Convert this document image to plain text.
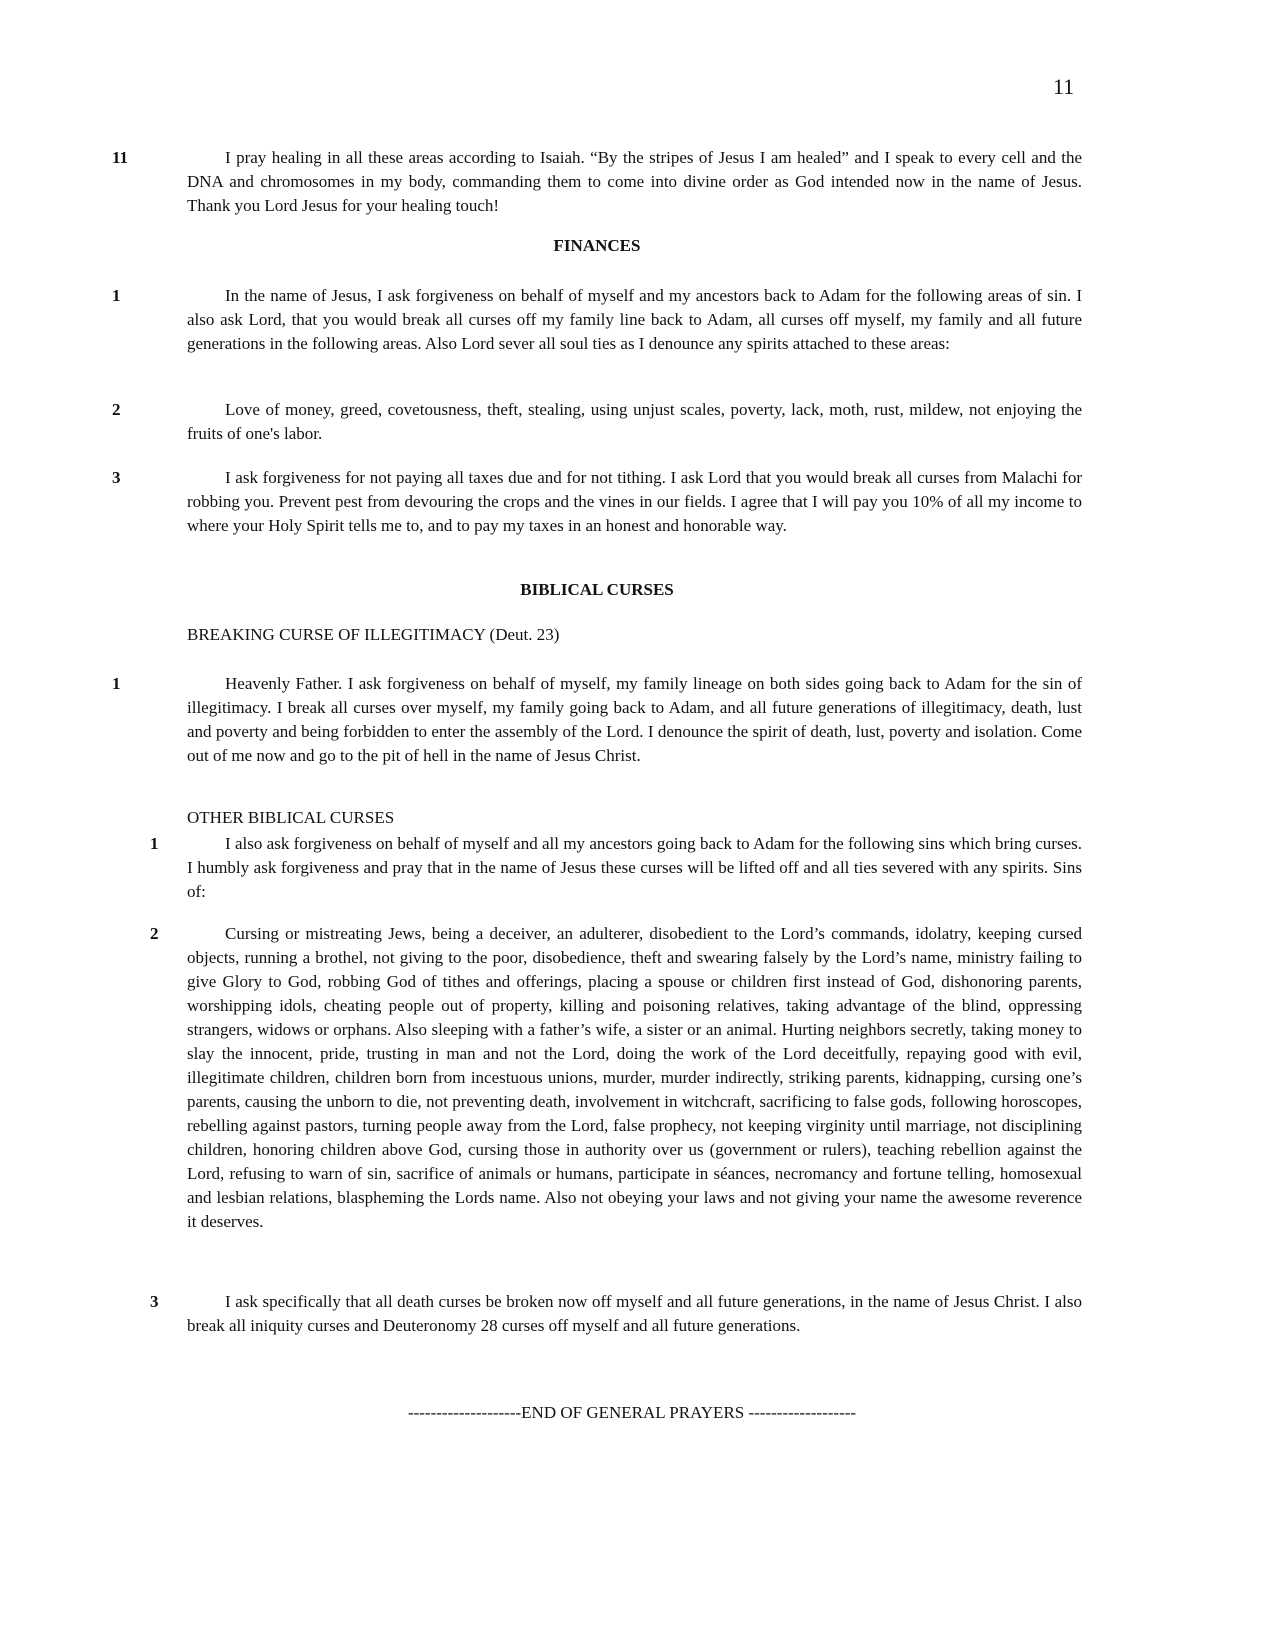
11
11	I pray healing in all these areas according to Isaiah. “By the stripes of Jesus I am healed” and I speak to every cell and the DNA and chromosomes in my body, commanding them to come into divine order as God intended now in the name of Jesus. Thank you Lord Jesus for your healing touch!
FINANCES
1	In the name of Jesus, I ask forgiveness on behalf of myself and my ancestors back to Adam for the following areas of sin. I also ask Lord, that you would break all curses off my family line back to Adam, all curses off myself, my family and all future generations in the following areas. Also Lord sever all soul ties as I denounce any spirits attached to these areas:
2	Love of money, greed, covetousness, theft, stealing, using unjust scales, poverty, lack, moth, rust, mildew, not enjoying the fruits of one's labor.
3	I ask forgiveness for not paying all taxes due and for not tithing. I ask Lord that you would break all curses from Malachi for robbing you. Prevent pest from devouring the crops and the vines in our fields. I agree that I will pay you 10% of all my income to where your Holy Spirit tells me to, and to pay my taxes in an honest and honorable way.
BIBLICAL CURSES
BREAKING CURSE OF ILLEGITIMACY (Deut. 23)
1	Heavenly Father. I ask forgiveness on behalf of myself, my family lineage on both sides going back to Adam for the sin of illegitimacy. I break all curses over myself, my family going back to Adam, and all future generations of illegitimacy, death, lust and poverty and being forbidden to enter the assembly of the Lord. I denounce the spirit of death, lust, poverty and isolation. Come out of me now and go to the pit of hell in the name of Jesus Christ.
OTHER BIBLICAL CURSES
1	I also ask forgiveness on behalf of myself and all my ancestors going back to Adam for the following sins which bring curses. I humbly ask forgiveness and pray that in the name of Jesus these curses will be lifted off and all ties severed with any spirits. Sins of:
2	Cursing or mistreating Jews, being a deceiver, an adulterer, disobedient to the Lord’s commands, idolatry, keeping cursed objects, running a brothel, not giving to the poor, disobedience, theft and swearing falsely by the Lord’s name, ministry failing to give Glory to God, robbing God of tithes and offerings, placing a spouse or children first instead of God, dishonoring parents, worshipping idols, cheating people out of property, killing and poisoning relatives, taking advantage of the blind, oppressing strangers, widows or orphans. Also sleeping with a father’s wife, a sister or an animal. Hurting neighbors secretly, taking money to slay the innocent, pride, trusting in man and not the Lord, doing the work of the Lord deceitfully, repaying good with evil, illegitimate children, children born from incestuous unions, murder, murder indirectly, striking parents, kidnapping, cursing one’s parents, causing the unborn to die, not preventing death, involvement in witchcraft, sacrificing to false gods, following horoscopes, rebelling against pastors, turning people away from the Lord, false prophecy, not keeping virginity until marriage, not disciplining children, honoring children above God, cursing those in authority over us (government or rulers), teaching rebellion against the Lord, refusing to warn of sin, sacrifice of animals or humans, participate in séances, necromancy and fortune telling, homosexual and lesbian relations, blaspheming the Lords name. Also not obeying your laws and not giving your name the awesome reverence it deserves.
3	I ask specifically that all death curses be broken now off myself and all future generations, in the name of Jesus Christ. I also break all iniquity curses and Deuteronomy 28 curses off myself and all future generations.
--------------------END OF GENERAL PRAYERS -------------------
